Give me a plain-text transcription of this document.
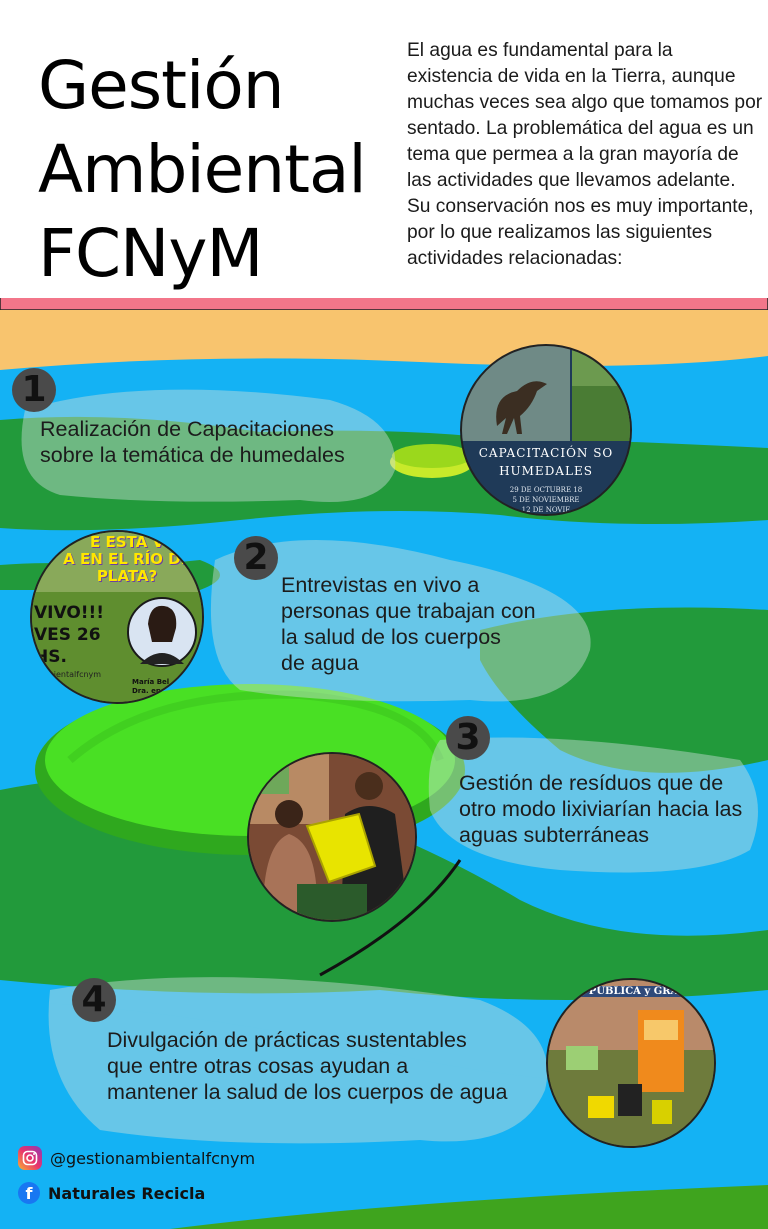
Gestión
Ambiental
FCNyM
El agua es fundamental para la existencia de vida en la Tierra, aunque muchas veces sea algo que tomamos por sentado. La problemática del agua es un tema que permea a la gran mayoría de las actividades que llevamos adelante. Su conservación nos es muy importante, por lo que realizamos las siguientes actividades relacionadas:
1
Realización de Capacitaciones
sobre la temática de humedales	CAPACITACIÓN SO
HUMEDALES
29 DE OCTUBRE 18
5 DE NOVIEMBRE
12 DE NOVIE
2
Entrevistas en vivo a
personas que trabajan con
la salud de los cuerpos
de agua
E ESTÁ V
A EN EL RÍO DE
PLATA?
VIVO!!!
VES 26
HS.
ambientalfcnym
María Bel
Dra. en Cie
3
Gestión de resíduos que de
otro modo lixiviarían hacia las
aguas subterráneas
4
Divulgación de prácticas sustentables
que entre otras cosas ayudan a
mantener la salud de los cuerpos de agua
PÚBLICA y GRAT
@gestionambientalfcnym
f Naturales Recicla
